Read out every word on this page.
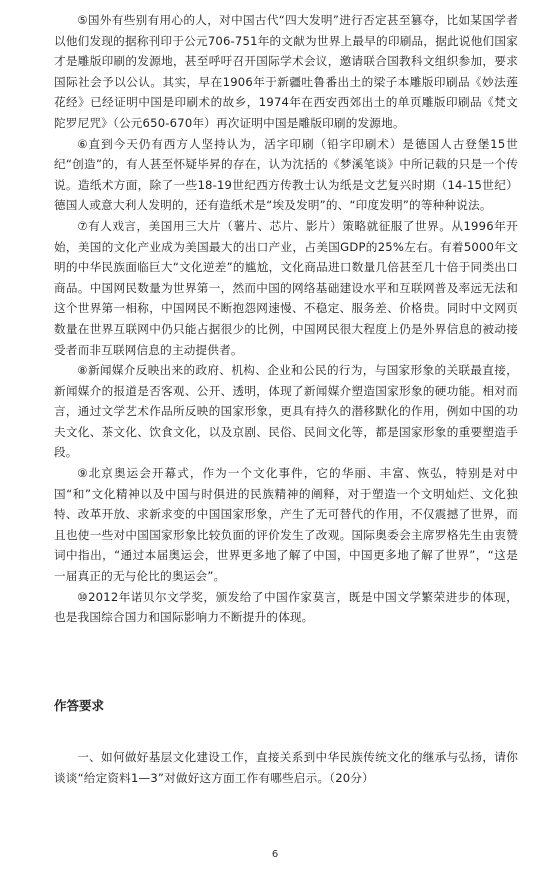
⑤国外有些别有用心的人，对中国古代“四大发明”进行否定甚至篡夺，比如某国学者以他们发现的据称刊印于公元706-751年的文献为世界上最早的印刷品，据此说他们国家才是雕版印刷的发源地，甚至呼吁召开国际学术会议，邀请联合国教科文组织参加，要求国际社会予以公认。其实，早在1906年于新疆吐鲁番出土的梁子本雕版印刷品《妙法莲花经》已经证明中国是印刷术的故乡，1974年在西安西郊出土的单页雕版印刷品《梵文陀罗尼咒》（公元650-670年）再次证明中国是雕版印刷的发源地。

⑥直到今天仍有西方人坚持认为，活字印刷（铅字印刷术）是德国人古登堡15世纪“创造”的，有人甚至怀疑毕昇的存在，认为沈括的《梦溪笔谈》中所记载的只是一个传说。造纸术方面，除了一些18-19世纪西方传教士认为纸是文艺复兴时期（14-15世纪）德国人或意大利人发明的，还有造纸术是“埃及发明”的、“印度发明”的等种种说法。

⑦有人戏言，美国用三大片（薯片、芯片、影片）策略就征服了世界。从1996年开始，美国的文化产业成为美国最大的出口产业，占美国GDP的25%左右。有着5000年文明的中华民族面临巨大“文化逆差”的尴尬，文化商品进口数量几倍甚至几十倍于同类出口商品。中国网民数量为世界第一，然而中国的网络基础建设水平和互联网普及率远无法和这个世界第一相称，中国网民不断抱怨网速慢、不稳定、服务差、价格贵。同时中文网页数量在世界互联网中仍只能占据很少的比例，中国网民很大程度上仍是外界信息的被动接受者而非互联网信息的主动提供者。

⑧新闻媒介反映出来的政府、机构、企业和公民的行为，与国家形象的关联最直接，新闻媒介的报道是否客观、公开、透明，体现了新闻媒介塑造国家形象的硬功能。相对而言，通过文学艺术作品所反映的国家形象，更具有持久的潜移默化的作用，例如中国的功夫文化、茶文化、饮食文化，以及京剧、民俗、民间文化等，都是国家形象的重要塑造手段。

⑨北京奥运会开幕式，作为一个文化事件，它的华丽、丰富、恢弘，特别是对中国“和”文化精神以及中国与时俱进的民族精神的阐释，对于塑造一个文明灿烂、文化独特、改革开放、求新求变的中国国家形象，产生了无可替代的作用，不仅震撼了世界，而且也使一些对中国国家形象比较负面的评价发生了改观。国际奥委会主席罗格先生由衷赞词中指出，“通过本届奥运会，世界更多地了解了中国，中国更多地了解了世界”，“这是一届真正的无与伦比的奥运会”。

⑩2012年诺贝尔文学奖，颁发给了中国作家莫言，既是中国文学繁荣进步的体现，也是我国综合国力和国际影响力不断提升的体现。

作答要求

一、如何做好基层文化建设工作，直接关系到中华民族传统文化的继承与弘扬，请你谈谈“给定资料1—3”对做好这方面工作有哪些启示。（20分）

6
